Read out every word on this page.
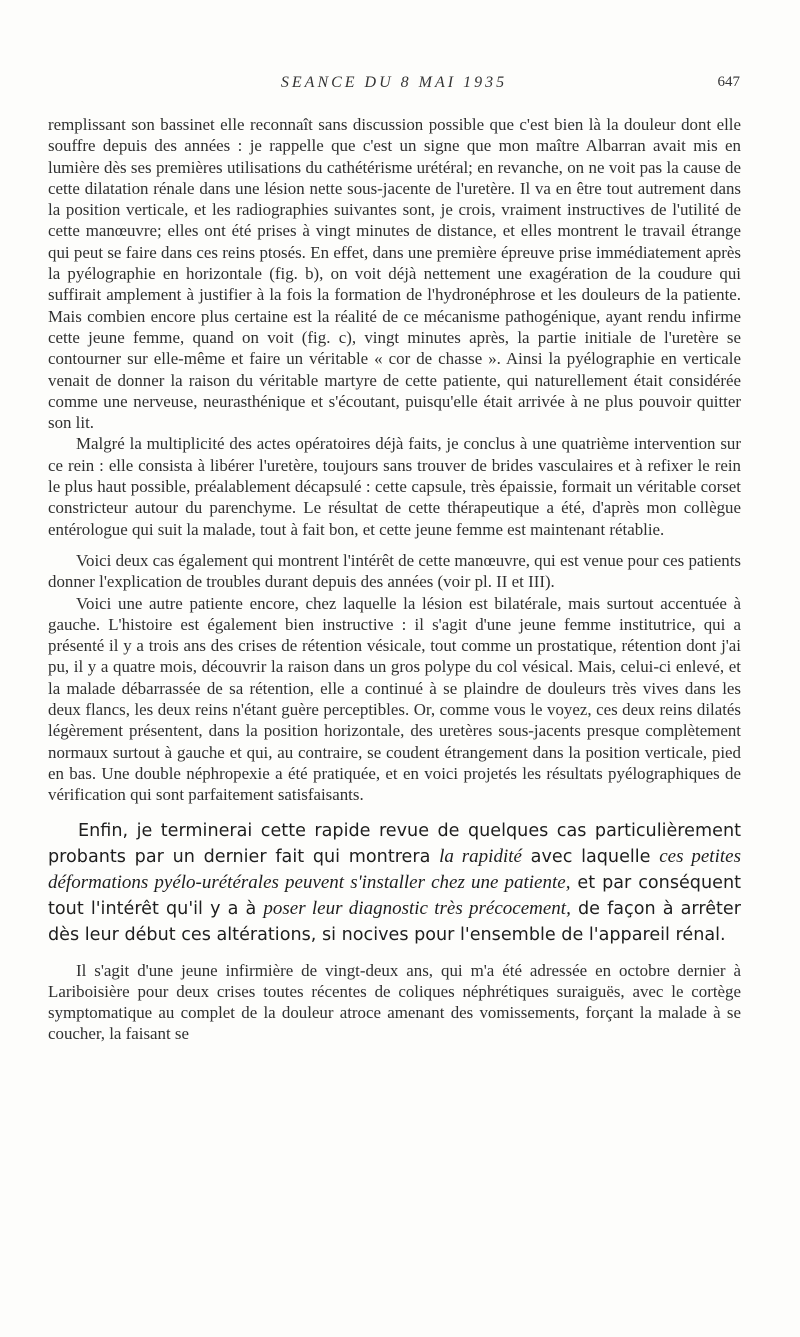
SEANCE DU 8 MAI 1935	647

remplissant son bassinet elle reconnaît sans discussion possible que c'est bien là la douleur dont elle souffre depuis des années : je rappelle que c'est un signe que mon maître Albarran avait mis en lumière dès ses premières utilisations du cathétérisme urétéral; en revanche, on ne voit pas la cause de cette dilatation rénale dans une lésion nette sous-jacente de l'uretère. Il va en être tout autrement dans la position verticale, et les radiographies suivantes sont, je crois, vraiment instructives de l'utilité de cette manœuvre; elles ont été prises à vingt minutes de distance, et elles montrent le travail étrange qui peut se faire dans ces reins ptosés. En effet, dans une première épreuve prise immédiatement après la pyélographie en horizontale (fig. b), on voit déjà nettement une exagération de la coudure qui suffirait amplement à justifier à la fois la formation de l'hydronéphrose et les douleurs de la patiente. Mais combien encore plus certaine est la réalité de ce mécanisme pathogénique, ayant rendu infirme cette jeune femme, quand on voit (fig. c), vingt minutes après, la partie initiale de l'uretère se contourner sur elle-même et faire un véritable « cor de chasse ». Ainsi la pyélographie en verticale venait de donner la raison du véritable martyre de cette patiente, qui naturellement était considérée comme une nerveuse, neurasthénique et s'écoutant, puisqu'elle était arrivée à ne plus pouvoir quitter son lit.

Malgré la multiplicité des actes opératoires déjà faits, je conclus à une quatrième intervention sur ce rein : elle consista à libérer l'uretère, toujours sans trouver de brides vasculaires et à refixer le rein le plus haut possible, préalablement décapsulé : cette capsule, très épaissie, formait un véritable corset constricteur autour du parenchyme. Le résultat de cette thérapeutique a été, d'après mon collègue entérologue qui suit la malade, tout à fait bon, et cette jeune femme est maintenant rétablie.

Voici deux cas également qui montrent l'intérêt de cette manœuvre, qui est venue pour ces patients donner l'explication de troubles durant depuis des années (voir pl. II et III).

Voici une autre patiente encore, chez laquelle la lésion est bilatérale, mais surtout accentuée à gauche. L'histoire est également bien instructive : il s'agit d'une jeune femme institutrice, qui a présenté il y a trois ans des crises de rétention vésicale, tout comme un prostatique, rétention dont j'ai pu, il y a quatre mois, découvrir la raison dans un gros polype du col vésical. Mais, celui-ci enlevé, et la malade débarrassée de sa rétention, elle a continué à se plaindre de douleurs très vives dans les deux flancs, les deux reins n'étant guère perceptibles. Or, comme vous le voyez, ces deux reins dilatés légèrement présentent, dans la position horizontale, des uretères sous-jacents presque complètement normaux surtout à gauche et qui, au contraire, se coudent étrangement dans la position verticale, pied en bas. Une double néphropexie a été pratiquée, et en voici projetés les résultats pyélographiques de vérification qui sont parfaitement satisfaisants.

Enfin, je terminerai cette rapide revue de quelques cas particulièrement probants par un dernier fait qui montrera la rapidité avec laquelle ces petites déformations pyélo-urétérales peuvent s'installer chez une patiente, et par conséquent tout l'intérêt qu'il y a à poser leur diagnostic très précocement, de façon à arrêter dès leur début ces altérations, si nocives pour l'ensemble de l'appareil rénal.

Il s'agit d'une jeune infirmière de vingt-deux ans, qui m'a été adressée en octobre dernier à Lariboisière pour deux crises toutes récentes de coliques néphrétiques suraiguës, avec le cortège symptomatique au complet de la douleur atroce amenant des vomissements, forçant la malade à se coucher, la faisant se
